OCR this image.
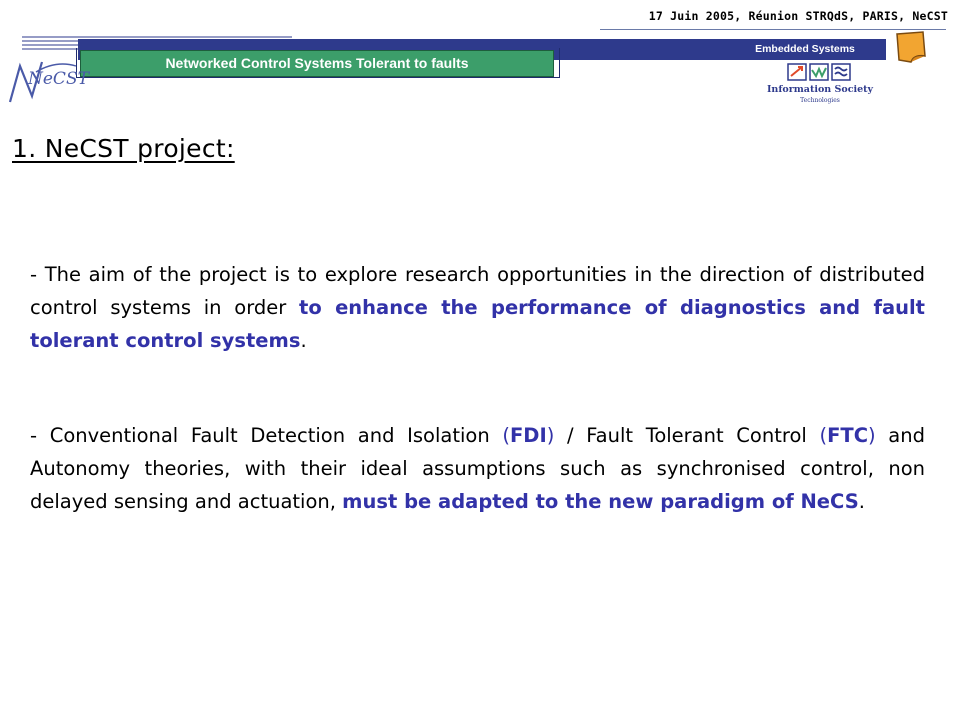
17 Juin 2005, Réunion STRQdS, PARIS, NeCST
Embedded Systems
Networked Control Systems Tolerant to faults
NeCST
Information Society
Technologies
1. NeCST project:
- The aim of the project is to explore research opportunities in the direction of distributed control systems in order to enhance the performance of diagnostics and fault tolerant control systems.
- Conventional Fault Detection and Isolation (FDI) / Fault Tolerant Control (FTC) and Autonomy theories, with their ideal assumptions such as synchronised control, non delayed sensing and actuation, must be adapted to the new paradigm of NeCS.
